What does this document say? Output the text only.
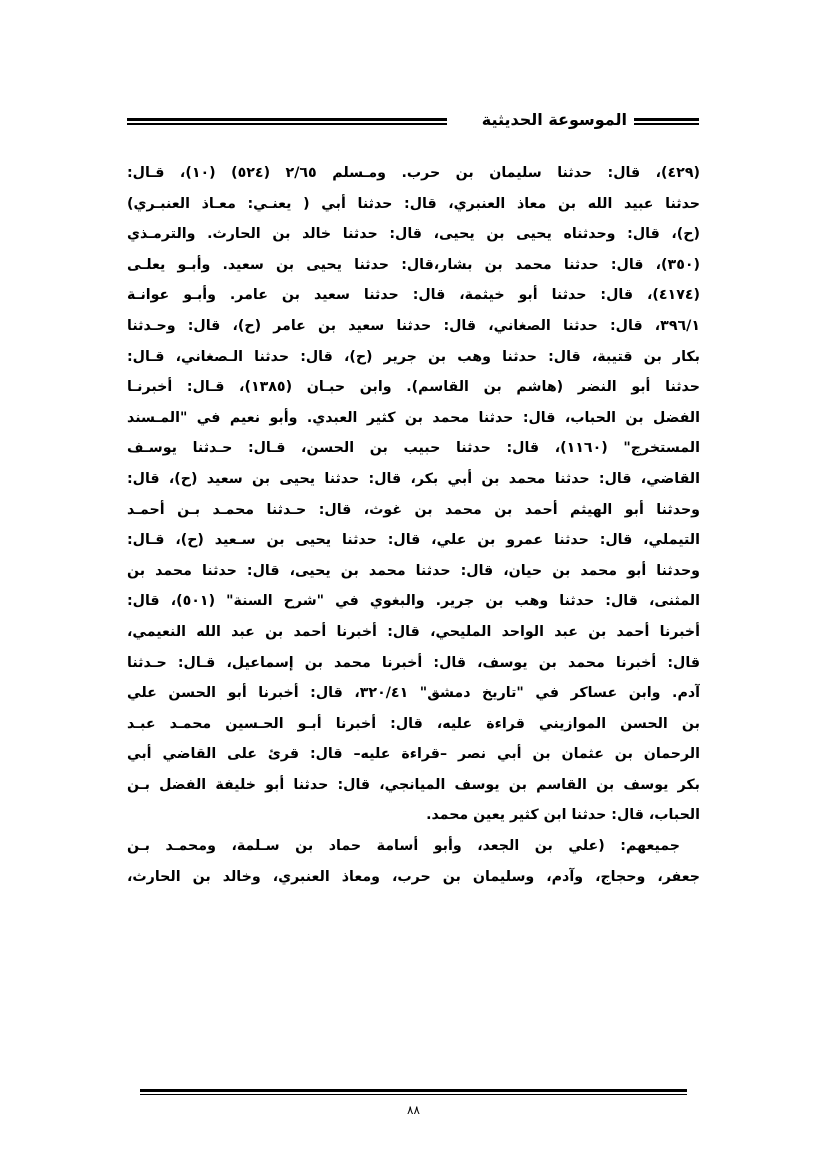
الموسوعة الحديثية
(٤٢٩)، قال: حدثنا سليمان بن حرب. ومـسلم ٢/٦٥ (٥٢٤) (١٠)، قـال:
حدثنا عبيد الله بن معاذ العنبري، قال: حدثنا أبي ( يعنـي: معـاذ العنبـري)
(ح)، قال: وحدثناه يحيى بن يحيى، قال: حدثنا خالد بن الحارث. والترمـذي
(٣٥٠)، قال: حدثنا محمد بن بشار،قال: حدثنا يحيى بن سعيد. وأبـو يعلـى
(٤١٧٤)، قال: حدثنا أبو خيثمة، قال: حدثنا سعيد بن عامر. وأبـو عوانـة
٣٩٦/١، قال: حدثنا الصغاني، قال: حدثنا سعيد بن عامر (ح)، قال: وحـدثنا
بكار بن قتيبة، قال: حدثنا وهب بن جرير (ح)، قال: حدثنا الـصغاني، قـال:
حدثنا أبو النضر (هاشم بن القاسم). وابن حبـان (١٣٨٥)، قـال: أخبرنـا
الفضل بن الحباب، قال: حدثنا محمد بن كثير العبدي. وأبو نعيم في "المـسند
المستخرج" (١١٦٠)، قال: حدثنا حبيب بن الحسن، قـال: حـدثنا يوسـف
القاضي، قال: حدثنا محمد بن أبي بكر، قال: حدثنا يحيى بن سعيد (ح)، قال:
وحدثنا أبو الهيثم أحمد بن محمد بن غوث، قال: حـدثنا محمـد بـن أحمـد
التيملي، قال: حدثنا عمرو بن علي، قال: حدثنا يحيى بن سـعيد (ح)، قـال:
وحدثنا أبو محمد بن حيان، قال: حدثنا محمد بن يحيى، قال: حدثنا محمد بن
المثنى، قال: حدثنا وهب بن جرير. والبغوي في "شرح السنة" (٥٠١)، قال:
أخبرنا أحمد بن عبد الواحد المليحي، قال: أخبرنا أحمد بن عبد الله النعيمي،
قال: أخبرنا محمد بن يوسف، قال: أخبرنا محمد بن إسماعيل، قـال: حـدثنا
آدم. وابن عساكر في "تاريخ دمشق" ٣٢٠/٤١، قال: أخبرنا أبو الحسن علي
بن الحسن الموازيني قراءة عليه، قال: أخبرنا أبـو الحـسين محمـد عبـد
الرحمان بن عثمان بن أبي نصر –قراءة عليه– قال: قرئ على القاضي أبي
بكر يوسف بن القاسم بن يوسف الميانجي، قال: حدثنا أبو خليفة الفضل بـن
الحباب، قال: حدثنا ابن كثير يعين محمد.
جميعهم: (علي بن الجعد، وأبو أسامة حماد بن سـلمة، ومحمـد بـن
جعفر، وحجاج، وآدم، وسليمان بن حرب، ومعاذ العنبري، وخالد بن الحارث،
٨٨
